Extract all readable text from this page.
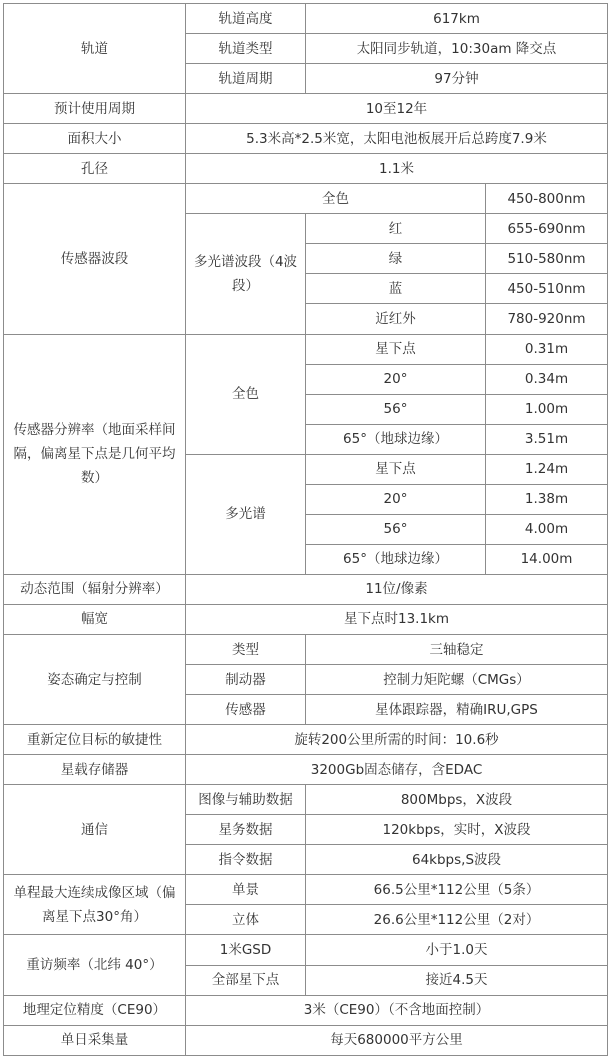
轨道	轨道高度	617km	
	轨道类型	太阳同步轨道，10:30am 降交点	
	轨道周期	97分钟	
预计使用周期	10至12年		
面积大小	5.3米高*2.5米宽，太阳电池板展开后总跨度7.9米		
孔径	1.1米		
传感器波段	全色		450-800nm
	多光谱波段（4波段）	红	655-690nm
		绿	510-580nm
		蓝	450-510nm
		近红外	780-920nm
传感器分辨率（地面采样间隔，偏离星下点是几何平均数）	全色	星下点	0.31m
		20°	0.34m
		56°	1.00m
		65°（地球边缘）	3.51m
	多光谱	星下点	1.24m
		20°	1.38m
		56°	4.00m
		65°（地球边缘）	14.00m
动态范围（辐射分辨率）	11位/像素		
幅宽	星下点时13.1km		
姿态确定与控制	类型	三轴稳定	
	制动器	控制力矩陀螺（CMGs）	
	传感器	星体跟踪器，精确IRU,GPS	
重新定位目标的敏捷性	旋转200公里所需的时间：10.6秒		
星载存储器	3200Gb固态储存，含EDAC		
通信	图像与辅助数据	800Mbps，X波段	
	星务数据	120kbps，实时，X波段	
	指令数据	64kbps,S波段	
单程最大连续成像区域（偏离星下点30°角）	单景	66.5公里*112公里（5条）	
	立体	26.6公里*112公里（2对）	
重访频率（北纬 40°）	1米GSD	小于1.0天	
	全部星下点	接近4.5天	
地理定位精度（CE90）	3米（CE90）（不含地面控制）		
单日采集量	每天680000平方公里		
